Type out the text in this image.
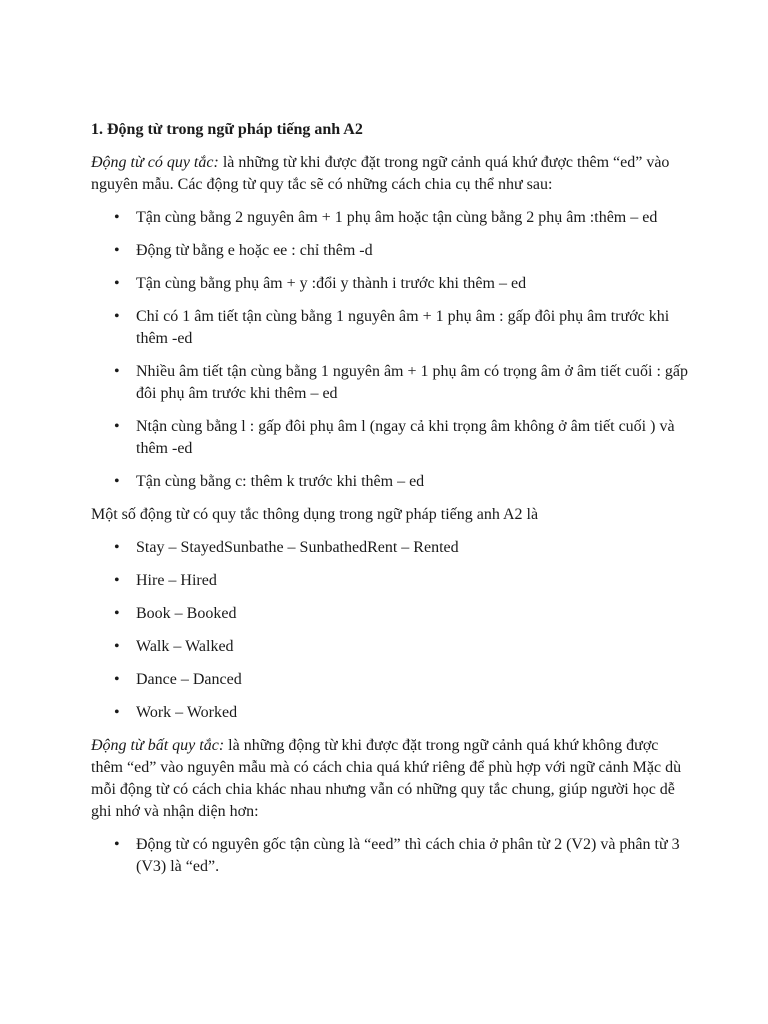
1. Động từ trong ngữ pháp tiếng anh A2

Động từ có quy tắc: là những từ khi được đặt trong ngữ cảnh quá khứ được thêm “ed” vào nguyên mẫu. Các động từ quy tắc sẽ có những cách chia cụ thể như sau:

• Tận cùng bằng 2 nguyên âm + 1 phụ âm hoặc tận cùng bằng 2 phụ âm :thêm – ed
• Động từ bằng e hoặc ee : chỉ thêm -d
• Tận cùng bằng phụ âm + y :đổi y thành i trước khi thêm – ed
• Chỉ có 1 âm tiết tận cùng bằng 1 nguyên âm + 1 phụ âm : gấp đôi phụ âm trước khi thêm -ed
• Nhiều âm tiết tận cùng bằng 1 nguyên âm + 1 phụ âm có trọng âm ở âm tiết cuối : gấp đôi phụ âm trước khi thêm – ed
• Ntận cùng bằng l : gấp đôi phụ âm l (ngay cả khi trọng âm không ở âm tiết cuối ) và thêm -ed
• Tận cùng bằng c: thêm k trước khi thêm – ed

Một số động từ có quy tắc thông dụng trong ngữ pháp tiếng anh A2 là

• Stay – StayedSunbathe – SunbathedRent – Rented
• Hire – Hired
• Book – Booked
• Walk – Walked
• Dance – Danced
• Work – Worked

Động từ bất quy tắc: là những động từ khi được đặt trong ngữ cảnh quá khứ không được thêm “ed” vào nguyên mẫu mà có cách chia quá khứ riêng để phù hợp với ngữ cảnh Mặc dù mỗi động từ có cách chia khác nhau nhưng vẫn có những quy tắc chung, giúp người học dễ ghi nhớ và nhận diện hơn:

• Động từ có nguyên gốc tận cùng là “eed” thì cách chia ở phân từ 2 (V2) và phân từ 3 (V3) là “ed”.
